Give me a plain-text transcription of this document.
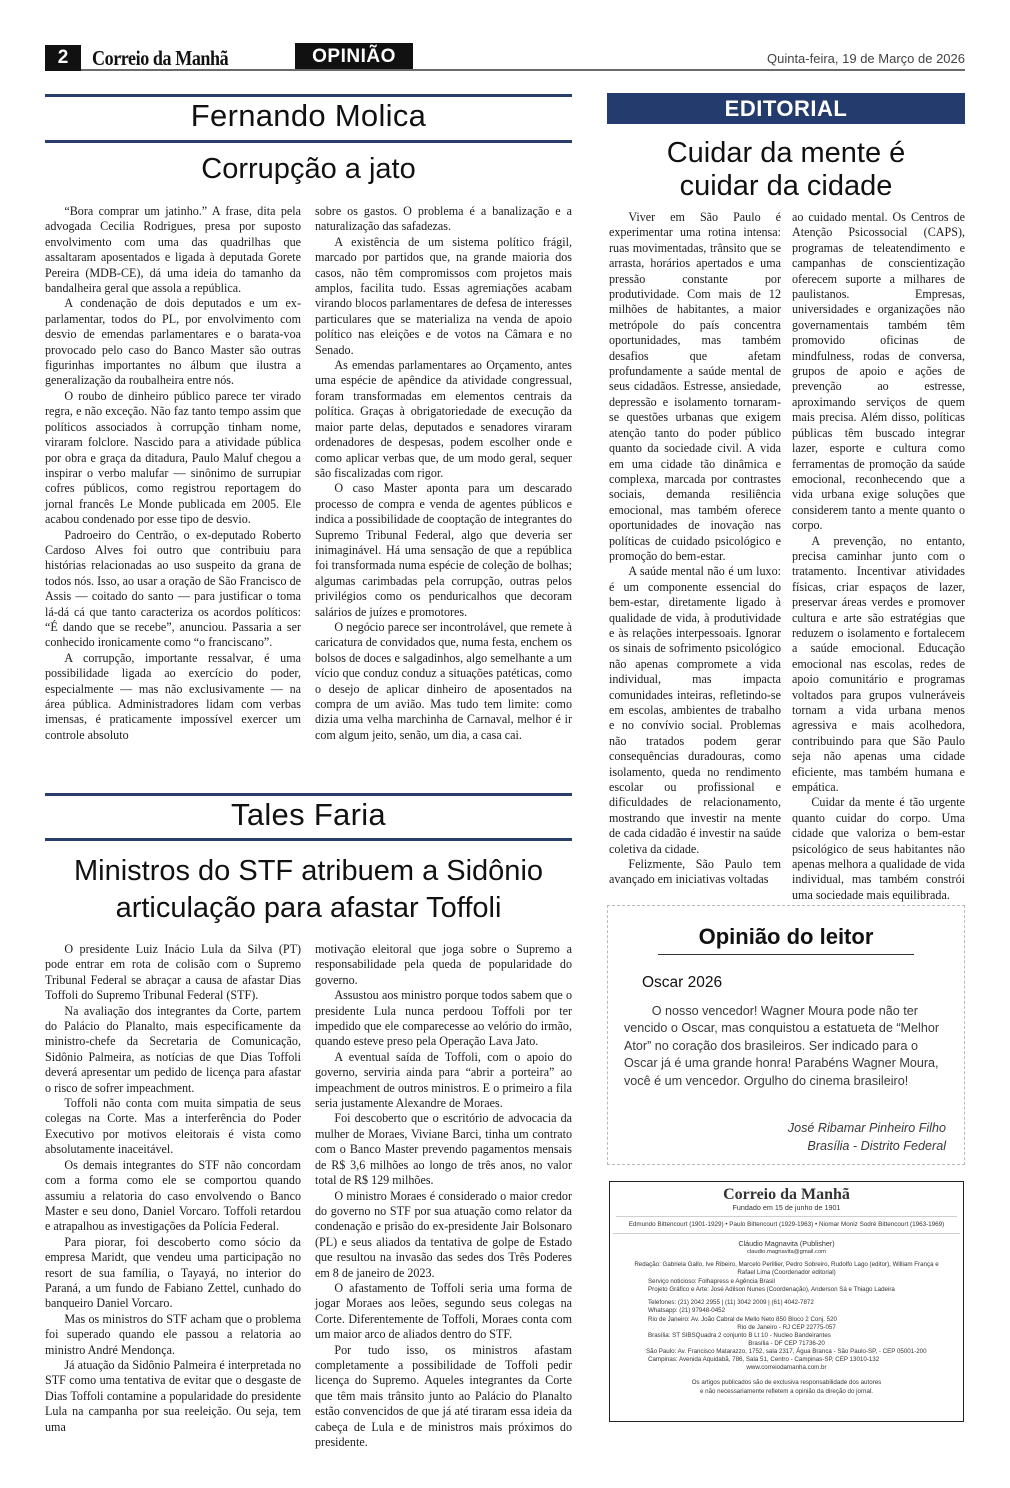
2	Correio da Manhã	OPINIÃO	Quinta-feira, 19 de Março de 2026
Fernando Molica
Corrupção a jato

“Bora comprar um jatinho.” A frase, dita pela advogada Cecilia Rodrigues, presa por suposto envolvimento com uma das quadrilhas que assaltaram aposentados e ligada à deputada Gorete Pereira (MDB-CE), dá uma ideia do tamanho da bandalheira geral que assola a república.

A condenação de dois deputados e um ex-parlamentar, todos do PL, por envolvimento com desvio de emendas parlamentares e o barata-voa provocado pelo caso do Banco Master são outras figurinhas importantes no álbum que ilustra a generalização da roubalheira entre nós.

O roubo de dinheiro público parece ter virado regra, e não exceção. Não faz tanto tempo assim que políticos associados à corrupção tinham nome, viraram folclore. Nascido para a atividade pública por obra e graça da ditadura, Paulo Maluf chegou a inspirar o verbo malufar — sinônimo de surrupiar cofres públicos, como registrou reportagem do jornal francês Le Monde publicada em 2005. Ele acabou condenado por esse tipo de desvio.

Padroeiro do Centrão, o ex-deputado Roberto Cardoso Alves foi outro que contribuiu para histórias relacionadas ao uso suspeito da grana de todos nós. Isso, ao usar a oração de São Francisco de Assis — coitado do santo — para justificar o toma lá-dá cá que tanto caracteriza os acordos políticos: “É dando que se recebe”, anunciou. Passaria a ser conhecido ironicamente como “o franciscano”.

A corrupção, importante ressalvar, é uma possibilidade ligada ao exercício do poder, especialmente — mas não exclusivamente — na área pública. Administradores lidam com verbas imensas, é praticamente impossível exercer um controle absoluto

sobre os gastos. O problema é a banalização e a naturalização das safadezas.

A existência de um sistema político frágil, marcado por partidos que, na grande maioria dos casos, não têm compromissos com projetos mais amplos, facilita tudo. Essas agremiações acabam virando blocos parlamentares de defesa de interesses particulares que se materializa na venda de apoio político nas eleições e de votos na Câmara e no Senado.

As emendas parlamentares ao Orçamento, antes uma espécie de apêndice da atividade congressual, foram transformadas em elementos centrais da política. Graças à obrigatoriedade de execução da maior parte delas, deputados e senadores viraram ordenadores de despesas, podem escolher onde e como aplicar verbas que, de um modo geral, sequer são fiscalizadas com rigor.

O caso Master aponta para um descarado processo de compra e venda de agentes públicos e indica a possibilidade de cooptação de integrantes do Supremo Tribunal Federal, algo que deveria ser inimaginável. Há uma sensação de que a república foi transformada numa espécie de coleção de bolhas; algumas carimbadas pela corrupção, outras pelos privilégios como os penduricalhos que decoram salários de juízes e promotores.

O negócio parece ser incontrolável, que remete à caricatura de convidados que, numa festa, enchem os bolsos de doces e salgadinhos, algo semelhante a um vício que conduz conduz a situações patéticas, como o desejo de aplicar dinheiro de aposentados na compra de um avião. Mas tudo tem limite: como dizia uma velha marchinha de Carnaval, melhor é ir com algum jeito, senão, um dia, a casa cai.

Tales Faria
Ministros do STF atribuem a Sidônio
articulação para afastar Toffoli

O presidente Luiz Inácio Lula da Silva (PT) pode entrar em rota de colisão com o Supremo Tribunal Federal se abraçar a causa de afastar Dias Toffoli do Supremo Tribunal Federal (STF).

Na avaliação dos integrantes da Corte, partem do Palácio do Planalto, mais especificamente da ministro-chefe da Secretaria de Comunicação, Sidônio Palmeira, as notícias de que Dias Toffoli deverá apresentar um pedido de licença para afastar o risco de sofrer impeachment.

Toffoli não conta com muita simpatia de seus colegas na Corte. Mas a interferência do Poder Executivo por motivos eleitorais é vista como absolutamente inaceitável.

Os demais integrantes do STF não concordam com a forma como ele se comportou quando assumiu a relatoria do caso envolvendo o Banco Master e seu dono, Daniel Vorcaro. Toffoli retardou e atrapalhou as investigações da Polícia Federal.

Para piorar, foi descoberto como sócio da empresa Maridt, que vendeu uma participação no resort de sua família, o Tayayá, no interior do Paraná, a um fundo de Fabiano Zettel, cunhado do banqueiro Daniel Vorcaro.

Mas os ministros do STF acham que o problema foi superado quando ele passou a relatoria ao ministro André Mendonça.

Já atuação da Sidônio Palmeira é interpretada no STF como uma tentativa de evitar que o desgaste de Dias Toffoli contamine a popularidade do presidente Lula na campanha por sua reeleição. Ou seja, tem uma

motivação eleitoral que joga sobre o Supremo a responsabilidade pela queda de popularidade do governo.

Assustou aos ministro porque todos sabem que o presidente Lula nunca perdoou Toffoli por ter impedido que ele comparecesse ao velório do irmão, quando esteve preso pela Operação Lava Jato.

A eventual saída de Toffoli, com o apoio do governo, serviria ainda para “abrir a porteira” ao impeachment de outros ministros. E o primeiro a fila seria justamente Alexandre de Moraes.

Foi descoberto que o escritório de advocacia da mulher de Moraes, Viviane Barci, tinha um contrato com o Banco Master prevendo pagamentos mensais de R$ 3,6 milhões ao longo de três anos, no valor total de R$ 129 milhões.

O ministro Moraes é considerado o maior credor do governo no STF por sua atuação como relator da condenação e prisão do ex-presidente Jair Bolsonaro (PL) e seus aliados da tentativa de golpe de Estado que resultou na invasão das sedes dos Três Poderes em 8 de janeiro de 2023.

O afastamento de Toffoli seria uma forma de jogar Moraes aos leões, segundo seus colegas na Corte. Diferentemente de Toffoli, Moraes conta com um maior arco de aliados dentro do STF.

Por tudo isso, os ministros afastam completamente a possibilidade de Toffoli pedir licença do Supremo. Aqueles integrantes da Corte que têm mais trânsito junto ao Palácio do Planalto estão convencidos de que já até tiraram essa ideia da cabeça de Lula e de ministros mais próximos do presidente.

EDITORIAL
Cuidar da mente é
cuidar da cidade

Viver em São Paulo é experimentar uma rotina intensa: ruas movimentadas, trânsito que se arrasta, horários apertados e uma pressão constante por produtividade. Com mais de 12 milhões de habitantes, a maior metrópole do país concentra oportunidades, mas também desafios que afetam profundamente a saúde mental de seus cidadãos. Estresse, ansiedade, depressão e isolamento tornaram-se questões urbanas que exigem atenção tanto do poder público quanto da sociedade civil. A vida em uma cidade tão dinâmica e complexa, marcada por contrastes sociais, demanda resiliência emocional, mas também oferece oportunidades de inovação nas políticas de cuidado psicológico e promoção do bem-estar.

A saúde mental não é um luxo: é um componente essencial do bem-estar, diretamente ligado à qualidade de vida, à produtividade e às relações interpessoais. Ignorar os sinais de sofrimento psicológico não apenas compromete a vida individual, mas impacta comunidades inteiras, refletindo-se em escolas, ambientes de trabalho e no convívio social. Problemas não tratados podem gerar consequências duradouras, como isolamento, queda no rendimento escolar ou profissional e dificuldades de relacionamento, mostrando que investir na mente de cada cidadão é investir na saúde coletiva da cidade.

Felizmente, São Paulo tem avançado em iniciativas voltadas

ao cuidado mental. Os Centros de Atenção Psicossocial (CAPS), programas de teleatendimento e campanhas de conscientização oferecem suporte a milhares de paulistanos. Empresas, universidades e organizações não governamentais também têm promovido oficinas de mindfulness, rodas de conversa, grupos de apoio e ações de prevenção ao estresse, aproximando serviços de quem mais precisa. Além disso, políticas públicas têm buscado integrar lazer, esporte e cultura como ferramentas de promoção da saúde emocional, reconhecendo que a vida urbana exige soluções que considerem tanto a mente quanto o corpo.

A prevenção, no entanto, precisa caminhar junto com o tratamento. Incentivar atividades físicas, criar espaços de lazer, preservar áreas verdes e promover cultura e arte são estratégias que reduzem o isolamento e fortalecem a saúde emocional. Educação emocional nas escolas, redes de apoio comunitário e programas voltados para grupos vulneráveis tornam a vida urbana menos agressiva e mais acolhedora, contribuindo para que São Paulo seja não apenas uma cidade eficiente, mas também humana e empática.

Cuidar da mente é tão urgente quanto cuidar do corpo. Uma cidade que valoriza o bem-estar psicológico de seus habitantes não apenas melhora a qualidade de vida individual, mas também constrói uma sociedade mais equilibrada.

Opinião do leitor
Oscar 2026

O nosso vencedor! Wagner Moura pode não ter vencido o Oscar, mas conquistou a estatueta de “Melhor Ator” no coração dos brasileiros. Ser indicado para o Oscar já é uma grande honra! Parabéns Wagner Moura, você é um vencedor. Orgulho do cinema brasileiro!

José Ribamar Pinheiro Filho
Brasília - Distrito Federal
Correio da Manhã
Fundado em 15 de junho de 1901
Edmundo Bittencourt (1901-1929) • Paulo Bittencourt (1929-1963) • Niomar Moniz Sodré Bittencourt (1963-1969)
Cláudio Magnavita (Publisher)
claudio.magnavita@gmail.com
Redação: Gabriela Gallo, Ive Ribeiro, Marcelo Perillier, Pedro Sobreiro, Rudolfo Lago (editor), William França e Rafael Lima (Coordenador editorial)
Serviço noticioso: Folhapress e Agência Brasil
Projeto Gráfico e Arte: José Adilson Nunes (Coordenação), Anderson Sá e Thiago Ladeira
Telefones: (21) 2042 2955 | (11) 3042 2009 | (61) 4042-7872
Whatsapp: (21) 97948-0452
Rio de Janeiro: Av. João Cabral de Mello Neto 850 Bloco 2 Conj. 520
Rio de Janeiro - RJ CEP 22775-057
Brasília: ST SIBSQuadra 2 conjunto B Lt 10 - Nucleo Bandeirantes
Brasília - DF CEP 71736-20
São Paulo: Av. Francisco Matarazzo, 1752, sala 2317, Água Branca - São Paulo-SP, - CEP 05001-200
Campinas: Avenida Aquidabã, 786, Sala 51, Centro - Campinas-SP, CEP 13010-132
www.correiodamanha.com.br
Os artigos publicados são de exclusiva responsabilidade dos autores
e não necessariamente refletem a opinião da direção do jornal.
